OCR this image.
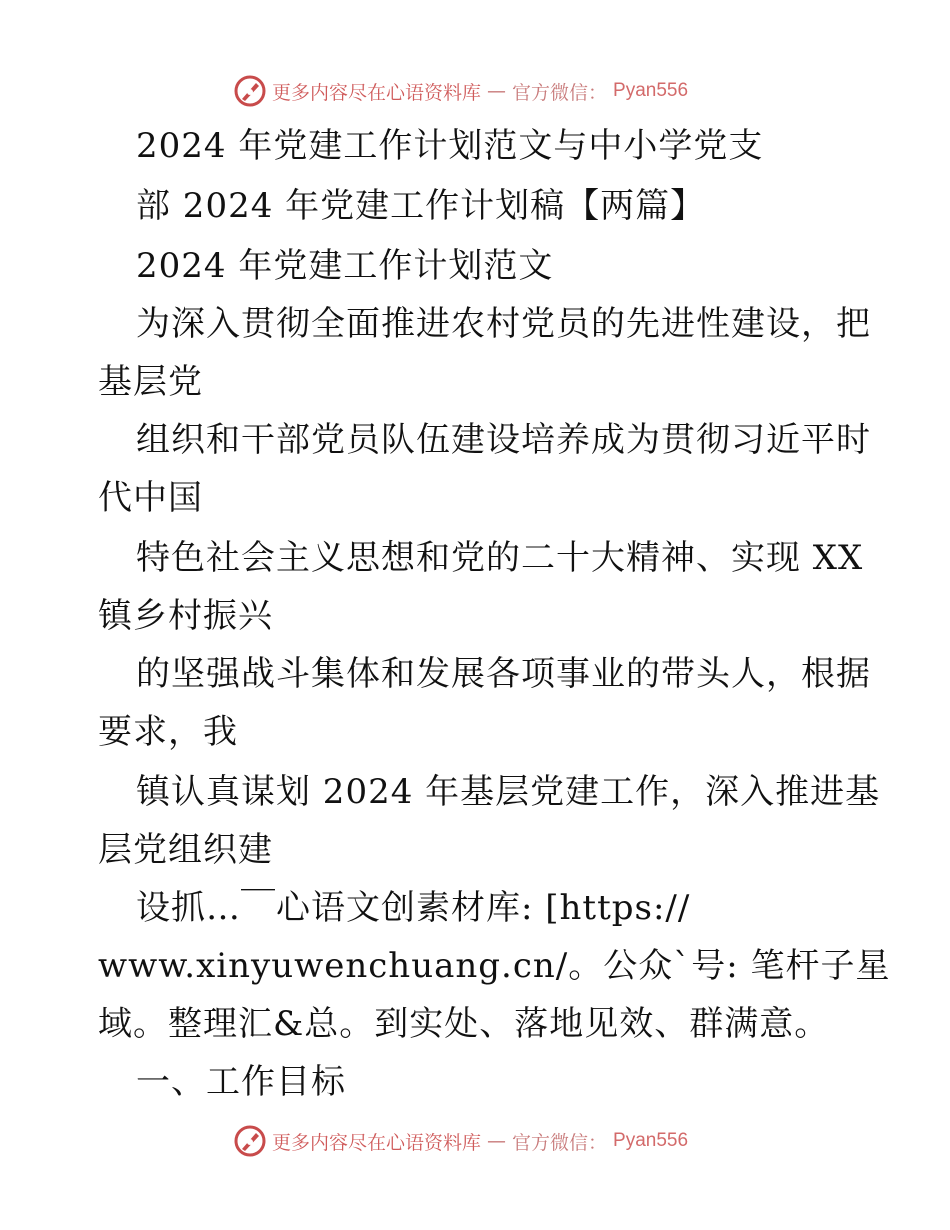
更多内容尽在心语资料库 — 官方微信： Pyan556
2024 年党建工作计划范文与中小学党支
部 2024 年党建工作计划稿【两篇】
2024 年党建工作计划范文
为深入贯彻全面推进农村党员的先进性建设，把
基层党
组织和干部党员队伍建设培养成为贯彻习近平时
代中国
特色社会主义思想和党的二十大精神、实现 XX
镇乡村振兴
的坚强战斗集体和发展各项事业的带头人，根据
要求，我
镇认真谋划 2024 年基层党建工作，深入推进基
层党组织建
设抓…￣心语文创素材库: [https://
www.xinyuwenchuang.cn/。公众`号: 笔杆子星
域。整理汇&总。到实处、落地见效、群满意。
一、工作目标
更多内容尽在心语资料库 — 官方微信： Pyan556
